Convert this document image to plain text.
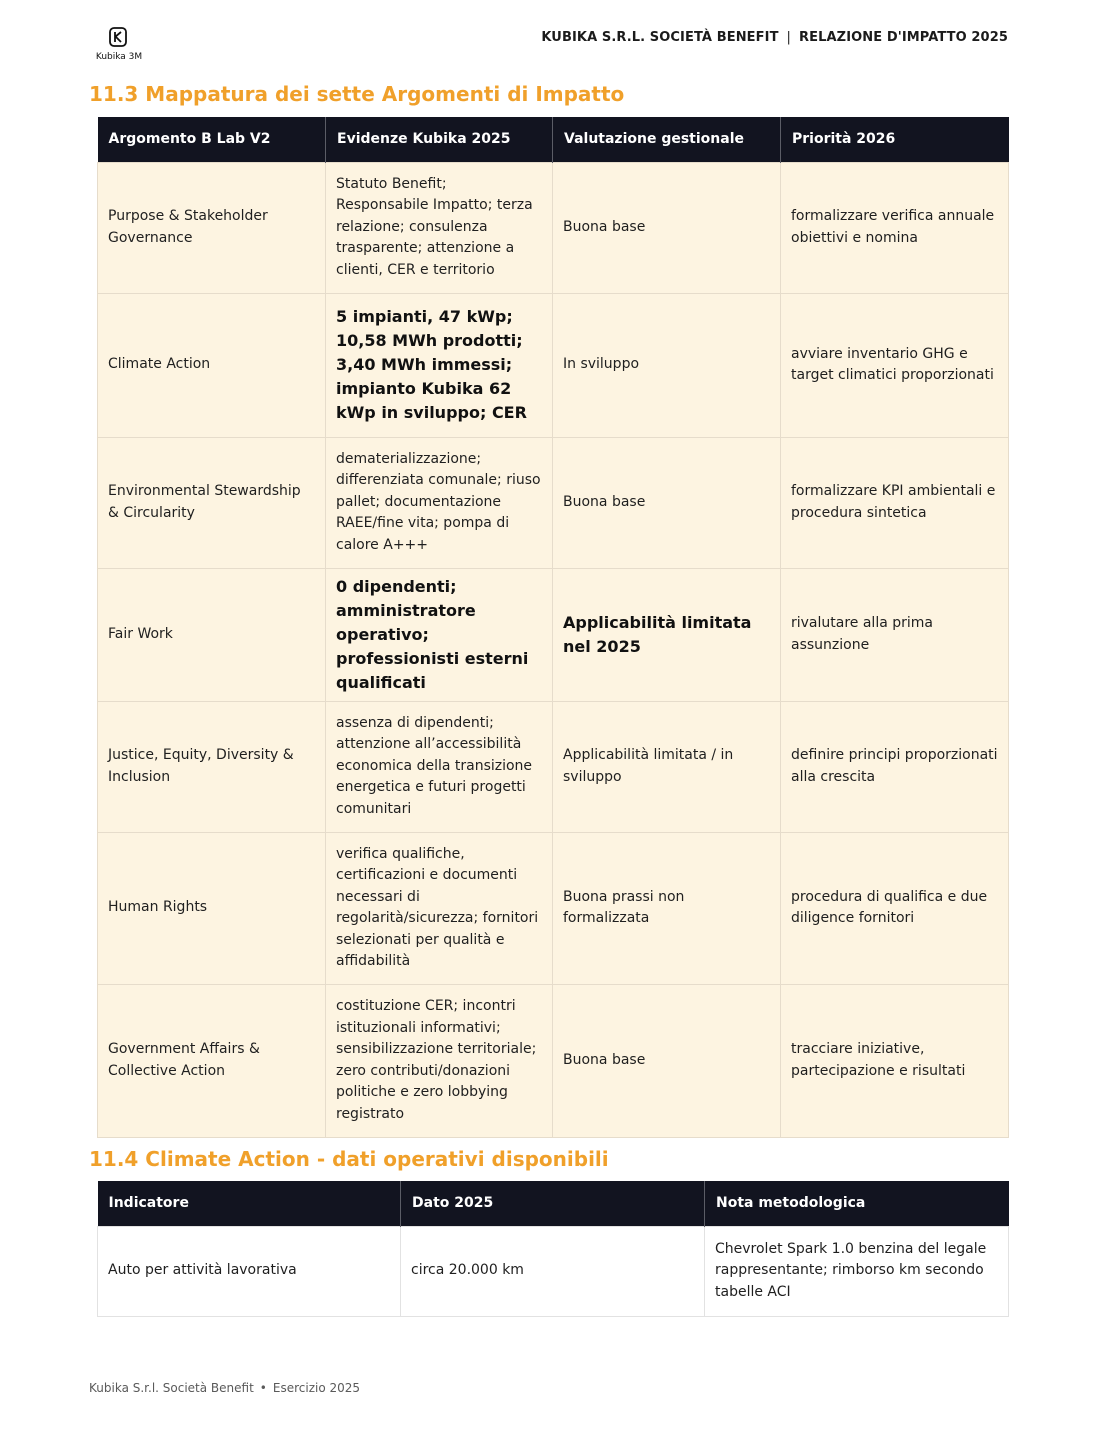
Kubika 3M
KUBIKA S.R.L. SOCIETÀ BENEFIT | RELAZIONE D'IMPATTO 2025
11.3 Mappatura dei sette Argomenti di Impatto
Argomento B Lab V2	Evidenze Kubika 2025	Valutazione gestionale	Priorità 2026
Purpose & Stakeholder Governance	Statuto Benefit; Responsabile Impatto; terza relazione; consulenza trasparente; attenzione a clienti, CER e territorio	Buona base	formalizzare verifica annuale obiettivi e nomina
Climate Action	5 impianti, 47 kWp; 10,58 MWh prodotti; 3,40 MWh immessi; impianto Kubika 62 kWp in sviluppo; CER	In sviluppo	avviare inventario GHG e target climatici proporzionati
Environmental Stewardship & Circularity	dematerializzazione; differenziata comunale; riuso pallet; documentazione RAEE/fine vita; pompa di calore A+++	Buona base	formalizzare KPI ambientali e procedura sintetica
Fair Work	0 dipendenti; amministratore operativo; professionisti esterni qualificati	Applicabilità limitata nel 2025	rivalutare alla prima assunzione
Justice, Equity, Diversity & Inclusion	assenza di dipendenti; attenzione all’accessibilità economica della transizione energetica e futuri progetti comunitari	Applicabilità limitata / in sviluppo	definire principi proporzionati alla crescita
Human Rights	verifica qualifiche, certificazioni e documenti necessari di regolarità/sicurezza; fornitori selezionati per qualità e affidabilità	Buona prassi non formalizzata	procedura di qualifica e due diligence fornitori
Government Affairs & Collective Action	costituzione CER; incontri istituzionali informativi; sensibilizzazione territoriale; zero contributi/donazioni politiche e zero lobbying registrato	Buona base	tracciare iniziative, partecipazione e risultati
11.4 Climate Action - dati operativi disponibili
Indicatore	Dato 2025	Nota metodologica
Auto per attività lavorativa	circa 20.000 km	Chevrolet Spark 1.0 benzina del legale rappresentante; rimborso km secondo tabelle ACI
Kubika S.r.l. Società Benefit • Esercizio 2025
